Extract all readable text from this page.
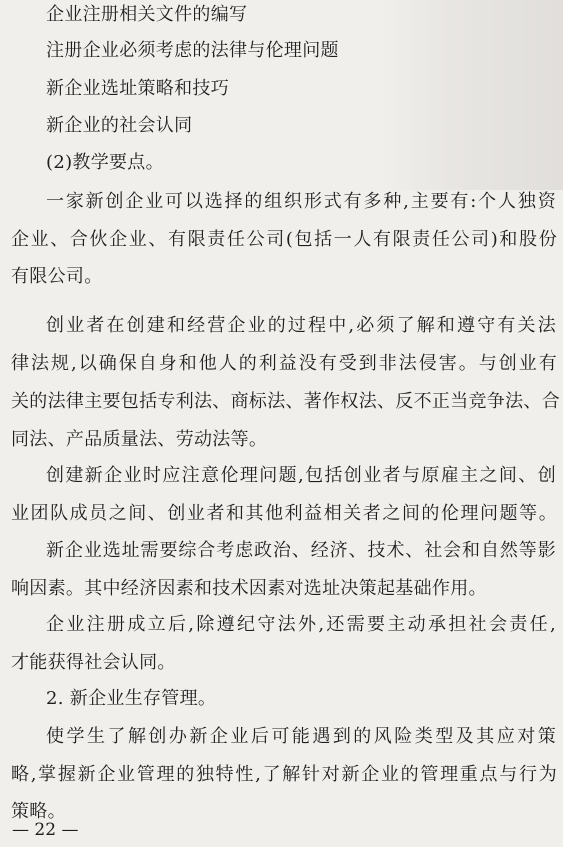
企业注册相关文件的编写
注册企业必须考虑的法律与伦理问题
新企业选址策略和技巧
新企业的社会认同
(2)教学要点。
一家新创企业可以选择的组织形式有多种,主要有:个人独资
企业、合伙企业、有限责任公司(包括一人有限责任公司)和股份
有限公司。
创业者在创建和经营企业的过程中,必须了解和遵守有关法
律法规,以确保自身和他人的利益没有受到非法侵害。与创业有
关的法律主要包括专利法、商标法、著作权法、反不正当竞争法、合
同法、产品质量法、劳动法等。
创建新企业时应注意伦理问题,包括创业者与原雇主之间、创
业团队成员之间、创业者和其他利益相关者之间的伦理问题等。
新企业选址需要综合考虑政治、经济、技术、社会和自然等影
响因素。其中经济因素和技术因素对选址决策起基础作用。
企业注册成立后,除遵纪守法外,还需要主动承担社会责任,
才能获得社会认同。
2. 新企业生存管理。
使学生了解创办新企业后可能遇到的风险类型及其应对策
略,掌握新企业管理的独特性,了解针对新企业的管理重点与行为
策略。
— 22 —
